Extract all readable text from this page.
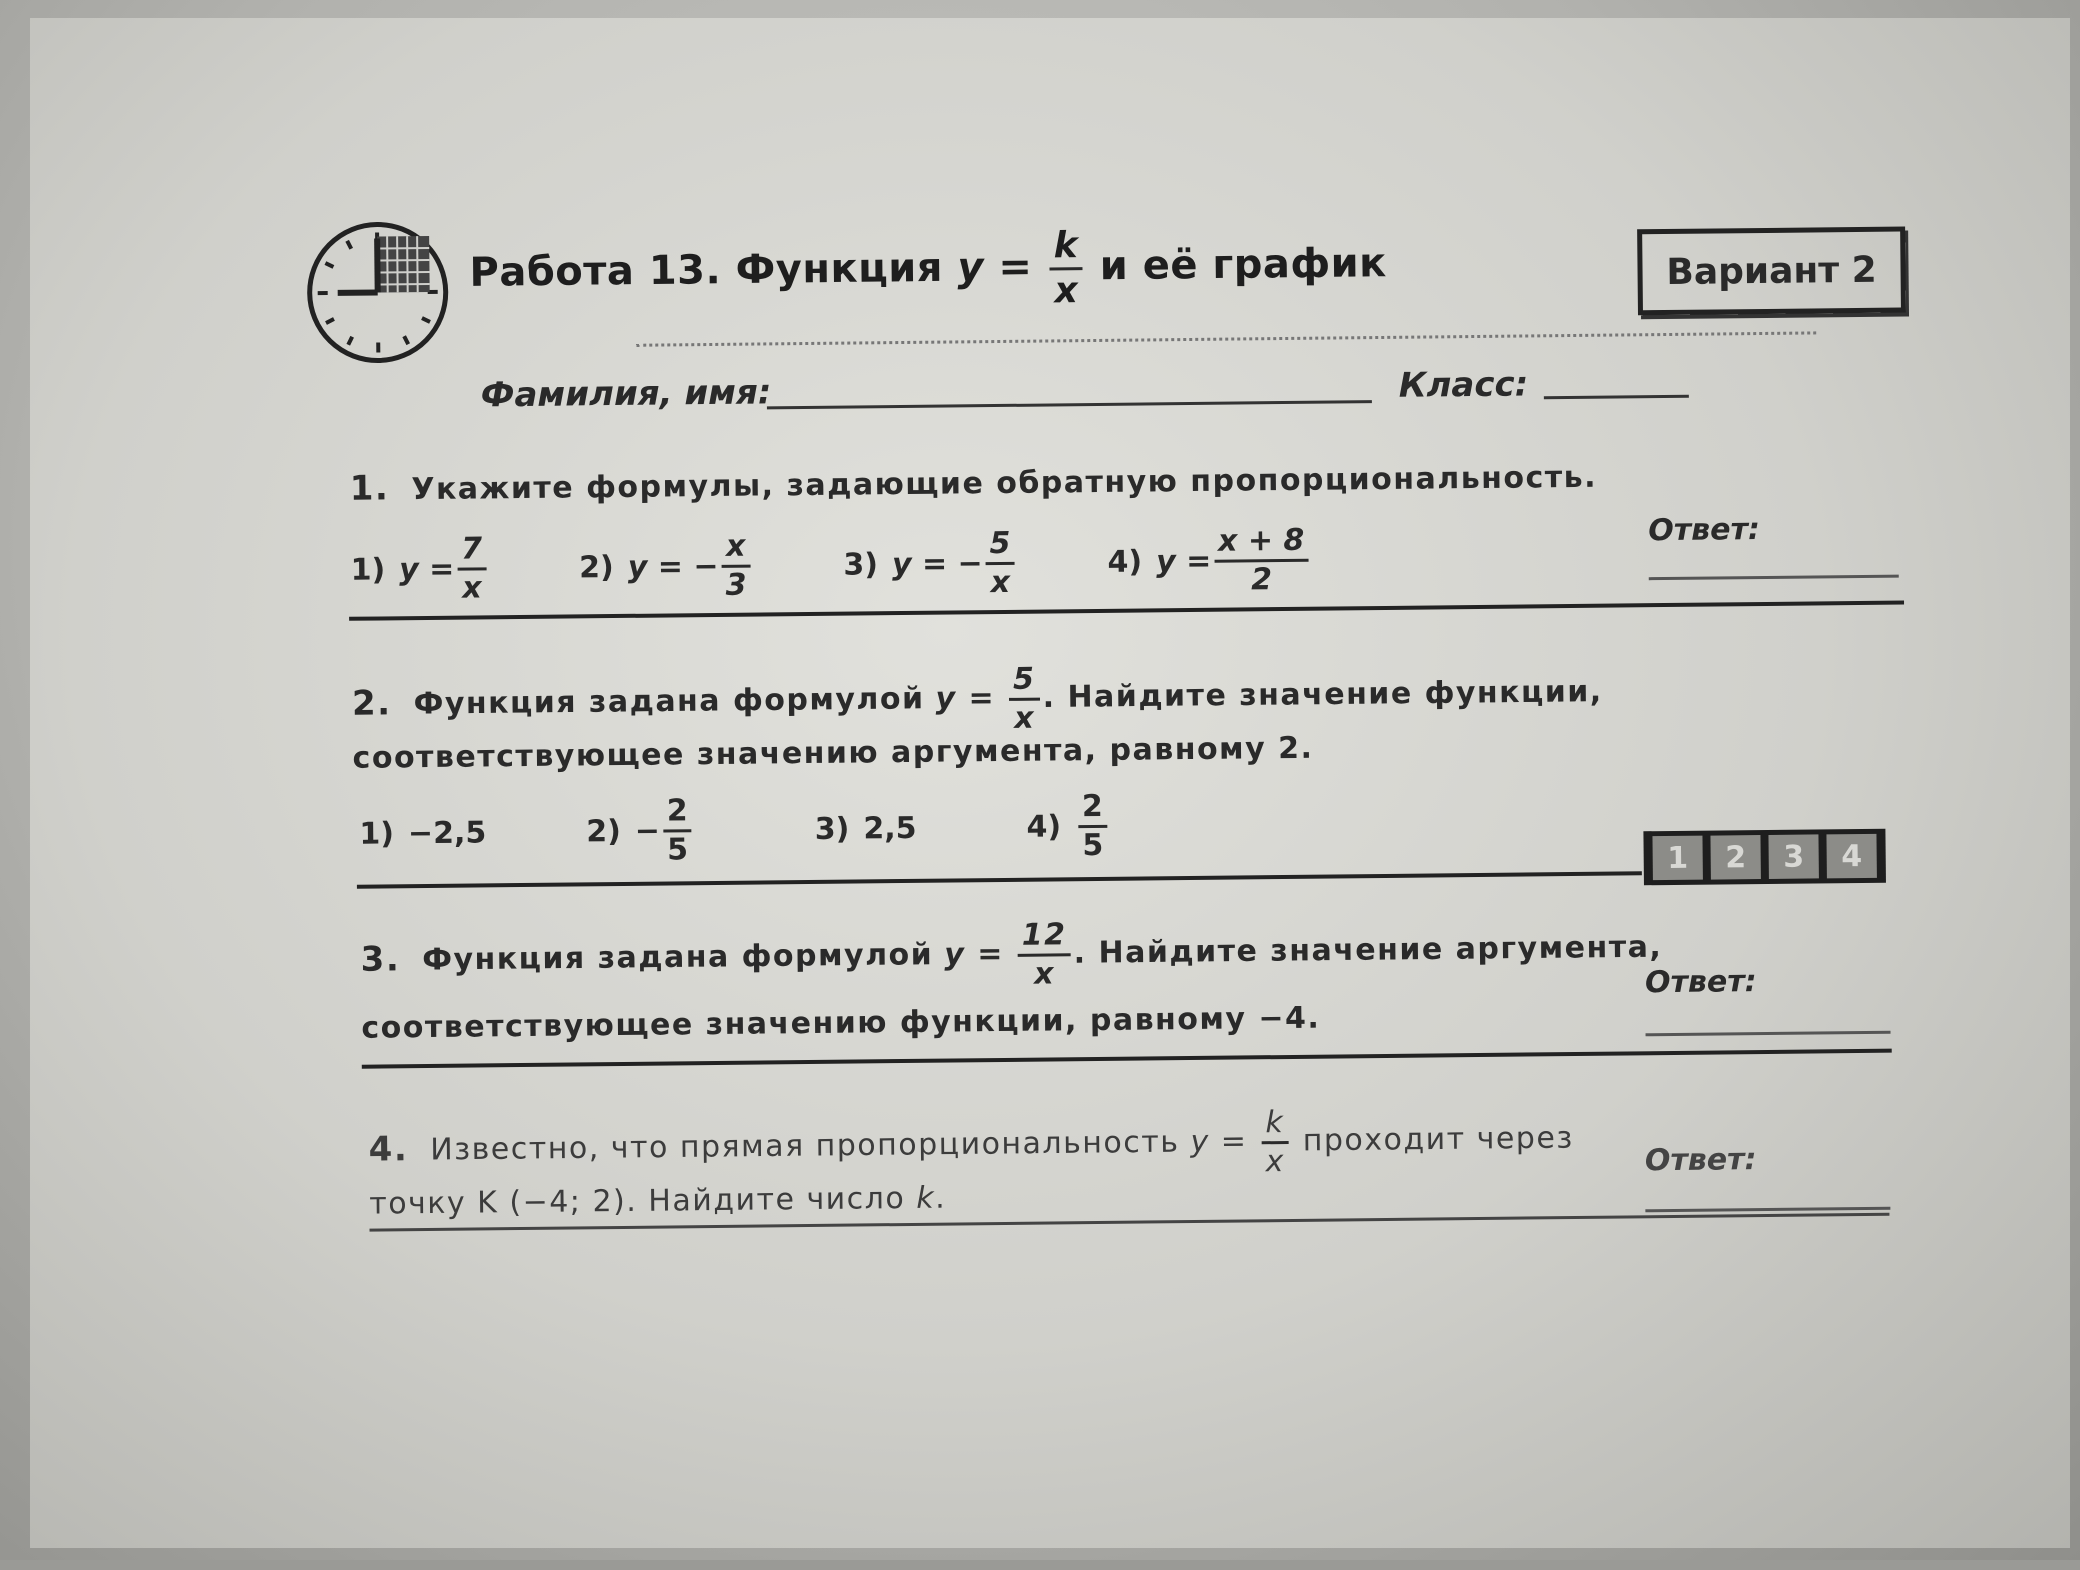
Работа 13. Функция $y = \frac{k}{x}$ и её график	Вариант 2
Фамилия, имя:	Класс:
1. Укажите формулы, задающие обратную пропорциональность.
1) $y = \frac{7}{x}$	2) y = − $\frac{x}{3}$	3) y = − $\frac{5}{x}$	4) $y = \frac{x + 8}{2}$	Ответ:
2. Функция задана формулой $y = \frac{5}{x}$ . Найдите значение функции,
соответствующее значению аргумента, равному 2.
1) −2,5	$2) - \frac{2}{5}$	3) 2,5	$4) \frac{2}{5}$	1	2	3	4
3. Функция задана формулой $y = \frac{12}{x}$ . Найдите значение аргумента,
соответствующее значению функции, равному −4.
Ответ:
4. Известно, что прямая пропорциональность $y = \frac{k}{x}$ проходит через
точку K (−4; 2). Найдите число k.
Ответ:
